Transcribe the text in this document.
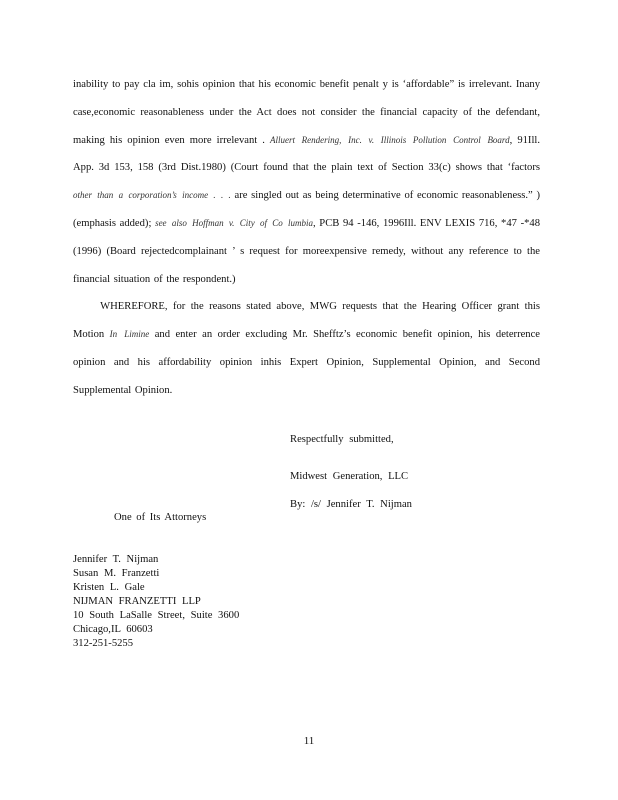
inability to pay cla im, sohis opinion that his economic benefit penalt y is ‘affordable” is irrelevant. Inany case,economic reasonableness under the Act does not consider the financial capacity of the defendant, making his opinion even more irrelevant . Alluert Rendering, Inc. v. Illinois Pollution Control Board, 91Ill. App. 3d 153, 158 (3rd Dist.1980) (Court found that the plain text of Section 33(c) shows that ‘factors other than a corporation’s income . . . are singled out as being determinative of economic reasonableness.” )(emphasis added); see also Hoffman v. City of Co lumbia, PCB 94 -146, 1996Ill. ENV LEXIS 716, *47 -*48 (1996) (Board rejectedcomplainant ’ s request for moreexpensive remedy, without any reference to the financial situation of the respondent.)
WHEREFORE, for the reasons stated above, MWG requests that the Hearing Officer grant this Motion In Limine and enter an order excluding Mr. Shefftz’s economic benefit opinion, his deterrence opinion and his affordability opinion inhis Expert Opinion, Supplemental Opinion, and Second Supplemental Opinion.

Respectfully submitted,
Midwest Generation, LLC
By: /s/ Jennifer T. Nijman
One of Its Attorneys
Jennifer T. Nijman
Susan M. Franzetti
Kristen L. Gale
NIJMAN FRANZETTI LLP
10 South LaSalle Street, Suite 3600
Chicago,IL 60603
312-251-5255
11
